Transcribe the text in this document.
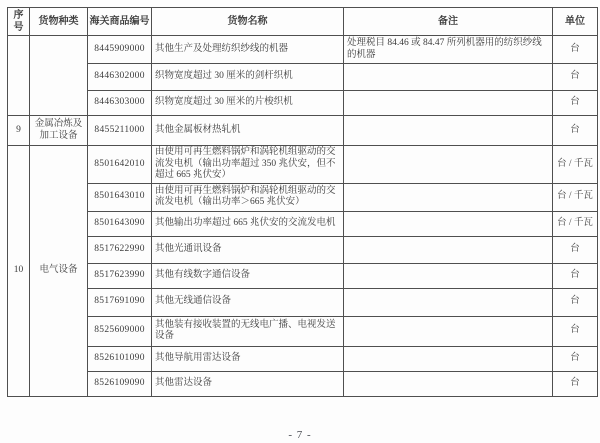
序号	货物种类	海关商品编号	货物名称	备注	单位
		8445909000	其他生产及处理纺织纱线的机器	处理税目 84.46 或 84.47 所列机器用的纺织纱线的机器	台
		8446302000	织物宽度超过 30 厘米的剑杆织机		台
		8446303000	织物宽度超过 30 厘米的片梭织机		台
9	金属冶炼及加工设备	8455211000	其他金属板材热轧机		台
10	电气设备	8501642010	由使用可再生燃料锅炉和涡轮机组驱动的交流发电机（输出功率超过 350 兆伏安，但不超过 665 兆伏安）		台 / 千瓦
		8501643010	由使用可再生燃料锅炉和涡轮机组驱动的交流发电机（输出功率＞665 兆伏安）		台 / 千瓦
		8501643090	其他输出功率超过 665 兆伏安的交流发电机		台 / 千瓦
		8517622990	其他光通讯设备		台
		8517623990	其他有线数字通信设备		台
		8517691090	其他无线通信设备		台
		8525609000	其他装有接收装置的无线电广播、电视发送设备		台
		8526101090	其他导航用雷达设备		台
		8526109090	其他雷达设备		台
- 7 -
